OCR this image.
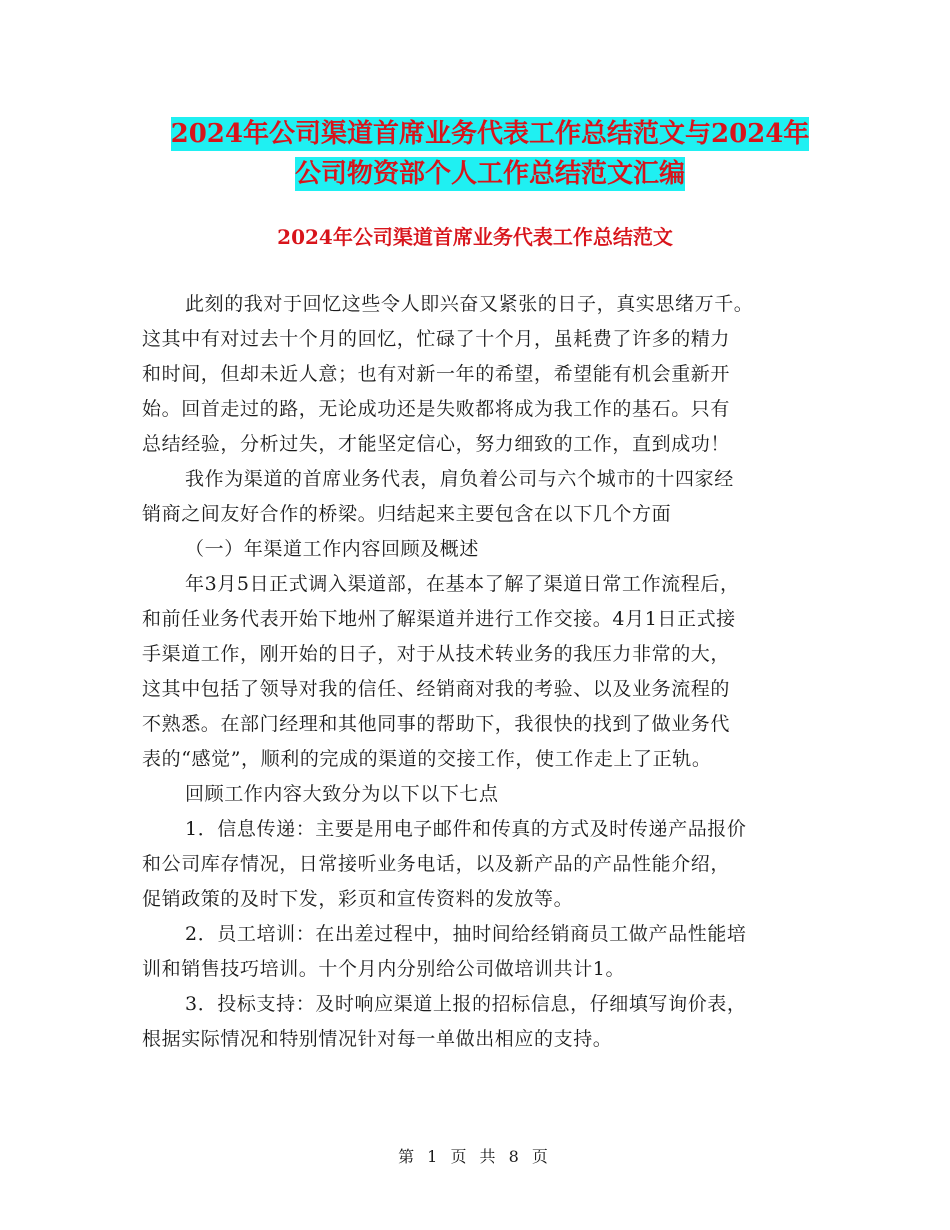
2024年公司渠道首席业务代表工作总结范文与2024年
公司物资部个人工作总结范文汇编
2024年公司渠道首席业务代表工作总结范文
此刻的我对于回忆这些令人即兴奋又紧张的日子，真实思绪万千。
这其中有对过去十个月的回忆，忙碌了十个月，虽耗费了许多的精力
和时间，但却未近人意；也有对新一年的希望，希望能有机会重新开
始。回首走过的路，无论成功还是失败都将成为我工作的基石。只有
总结经验，分析过失，才能坚定信心，努力细致的工作，直到成功！
我作为渠道的首席业务代表，肩负着公司与六个城市的十四家经
销商之间友好合作的桥梁。归结起来主要包含在以下几个方面
（一）年渠道工作内容回顾及概述
年3月5日正式调入渠道部，在基本了解了渠道日常工作流程后，
和前任业务代表开始下地州了解渠道并进行工作交接。4月1日正式接
手渠道工作，刚开始的日子，对于从技术转业务的我压力非常的大，
这其中包括了领导对我的信任、经销商对我的考验、以及业务流程的
不熟悉。在部门经理和其他同事的帮助下，我很快的找到了做业务代
表的“感觉”，顺利的完成的渠道的交接工作，使工作走上了正轨。
回顾工作内容大致分为以下以下七点
1．信息传递：主要是用电子邮件和传真的方式及时传递产品报价
和公司库存情况，日常接听业务电话，以及新产品的产品性能介绍，
促销政策的及时下发，彩页和宣传资料的发放等。
2．员工培训：在出差过程中，抽时间给经销商员工做产品性能培
训和销售技巧培训。十个月内分别给公司做培训共计1。
3．投标支持：及时响应渠道上报的招标信息，仔细填写询价表，
根据实际情况和特别情况针对每一单做出相应的支持。
第 1 页 共 8 页
